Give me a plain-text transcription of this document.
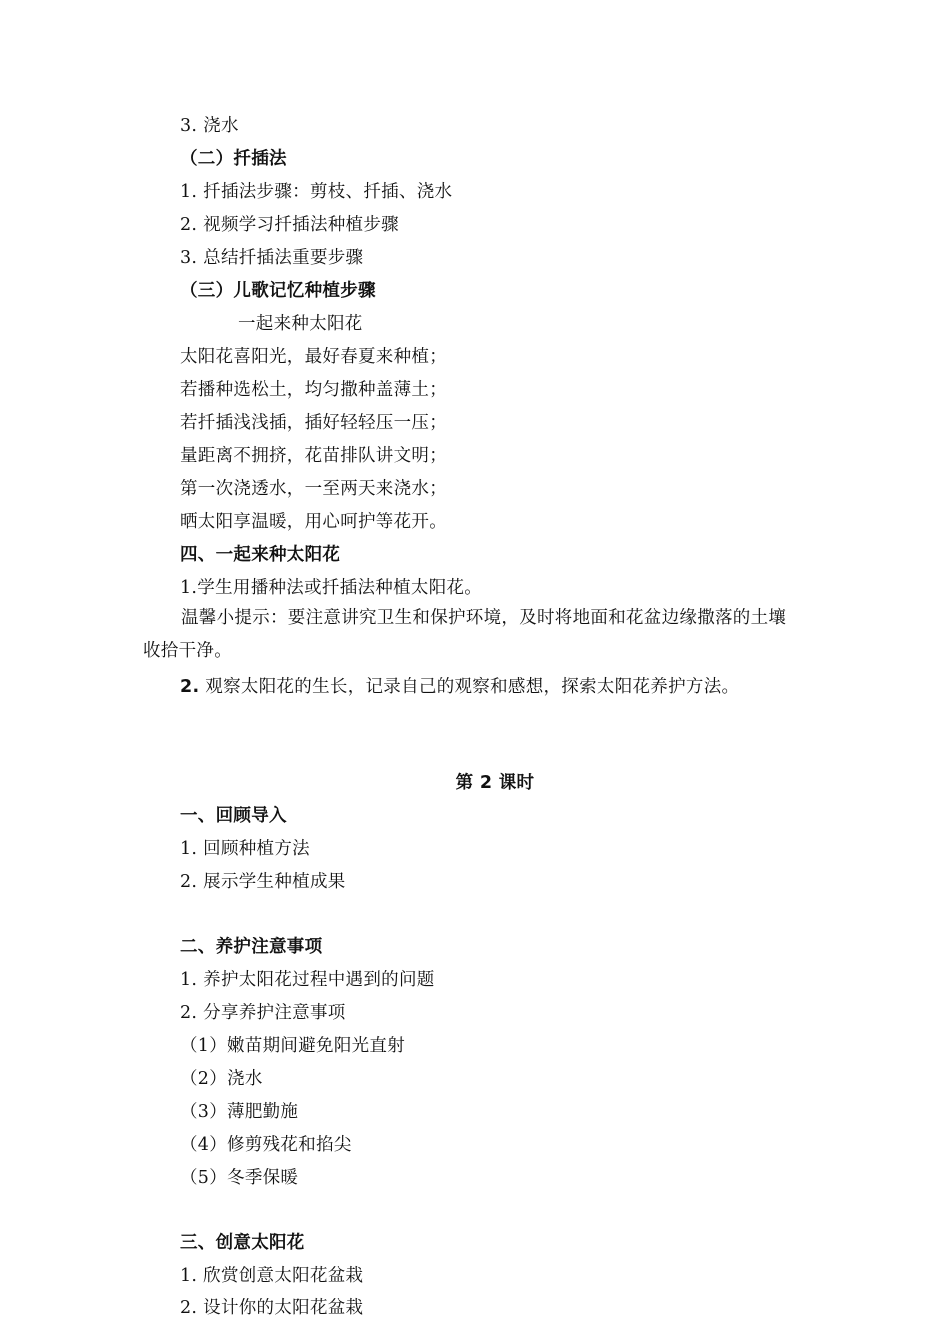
3. 浇水
（二）扦插法
1. 扦插法步骤：剪枝、扦插、浇水
2. 视频学习扦插法种植步骤
3. 总结扦插法重要步骤
（三）儿歌记忆种植步骤
一起来种太阳花
太阳花喜阳光，最好春夏来种植；
若播种选松土，均匀撒种盖薄土；
若扦插浅浅插，插好轻轻压一压；
量距离不拥挤，花苗排队讲文明；
第一次浇透水，一至两天来浇水；
晒太阳享温暖，用心呵护等花开。
四、一起来种太阳花
1.学生用播种法或扦插法种植太阳花。
温馨小提示：要注意讲究卫生和保护环境，及时将地面和花盆边缘撒落的土壤收拾干净。
2. 观察太阳花的生长，记录自己的观察和感想，探索太阳花养护方法。
第 2 课时
一、回顾导入
1. 回顾种植方法
2. 展示学生种植成果
二、养护注意事项
1. 养护太阳花过程中遇到的问题
2. 分享养护注意事项
（1）嫩苗期间避免阳光直射
（2）浇水
（3）薄肥勤施
（4）修剪残花和掐尖
（5）冬季保暖
三、创意太阳花
1. 欣赏创意太阳花盆栽
2. 设计你的太阳花盆栽
